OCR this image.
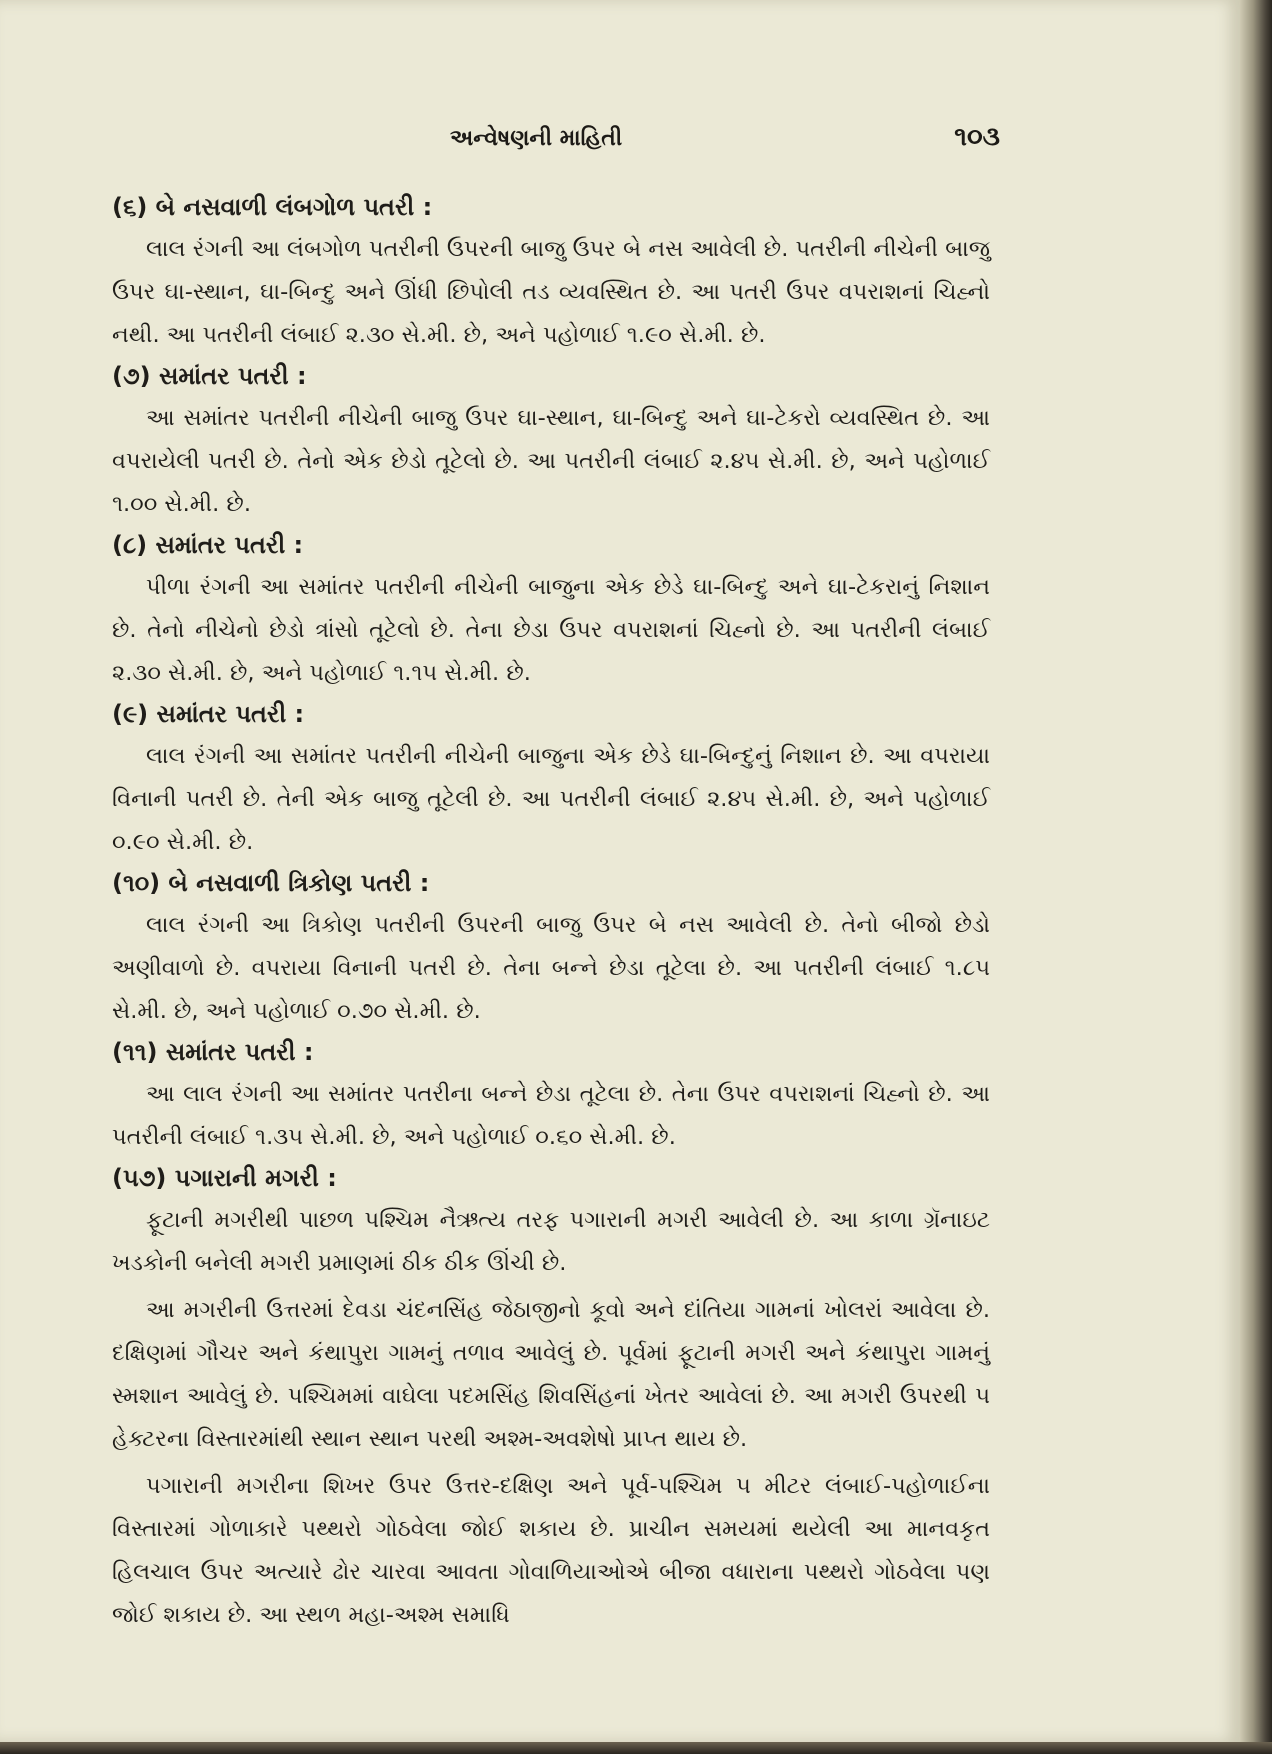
અન્વેષણની માહિતી	૧૦૩
(૬) બે નસવાળી લંબગોળ પતરી :

લાલ રંગની આ લંબગોળ પતરીની ઉપરની બાજુ ઉપર બે નસ આવેલી છે. પતરીની નીચેની બાજુ ઉપર ઘા-સ્થાન, ઘા-બિન્દુ અને ઊંધી છિપોલી તડ વ્યવસ્થિત છે. આ પતરી ઉપર વપરાશનાં ચિહ્નો નથી. આ પતરીની લંબાઈ ૨.૩૦ સે.મી. છે, અને પહોળાઈ ૧.૯૦ સે.મી. છે.

(૭) સમાંતર પતરી :

આ સમાંતર પતરીની નીચેની બાજુ ઉપર ઘા-સ્થાન, ઘા-બિન્દુ અને ઘા-ટેકરો વ્યવસ્થિત છે. આ વપરાયેલી પતરી છે. તેનો એક છેડો તૂટેલો છે. આ પતરીની લંબાઈ ૨.૪૫ સે.મી. છે, અને પહોળાઈ ૧.૦૦ સે.મી. છે.

(૮) સમાંતર પતરી :

પીળા રંગની આ સમાંતર પતરીની નીચેની બાજુના એક છેડે ઘા-બિન્દુ અને ઘા-ટેકરાનું નિશાન છે. તેનો નીચેનો છેડો ત્રાંસો તૂટેલો છે. તેના છેડા ઉપર વપરાશનાં ચિહ્નો છે. આ પતરીની લંબાઈ ૨.૩૦ સે.મી. છે, અને પહોળાઈ ૧.૧૫ સે.મી. છે.

(૯) સમાંતર પતરી :

લાલ રંગની આ સમાંતર પતરીની નીચેની બાજુના એક છેડે ઘા-બિન્દુનું નિશાન છે. આ વપરાયા વિનાની પતરી છે. તેની એક બાજુ તૂટેલી છે. આ પતરીની લંબાઈ ૨.૪૫ સે.મી. છે, અને પહોળાઈ ૦.૯૦ સે.મી. છે.

(૧૦) બે નસવાળી ત્રિકોણ પતરી :

લાલ રંગની આ ત્રિકોણ પતરીની ઉપરની બાજુ ઉપર બે નસ આવેલી છે. તેનો બીજો છેડો અણીવાળો છે. વપરાયા વિનાની પતરી છે. તેના બન્ને છેડા તૂટેલા છે. આ પતરીની લંબાઈ ૧.૮૫ સે.મી. છે, અને પહોળાઈ ૦.૭૦ સે.મી. છે.

(૧૧) સમાંતર પતરી :

આ લાલ રંગની આ સમાંતર પતરીના બન્ને છેડા તૂટેલા છે. તેના ઉપર વપરાશનાં ચિહ્નો છે. આ પતરીની લંબાઈ ૧.૩૫ સે.મી. છે, અને પહોળાઈ ૦.૬૦ સે.મી. છે.

(૫૭) પગારાની મગરી :

ફૂટાની મગરીથી પાછળ પશ્ચિમ નૈઋત્ય તરફ પગારાની મગરી આવેલી છે. આ કાળા ગ્રૅનાઇટ ખડકોની બનેલી મગરી પ્રમાણમાં ઠીક ઠીક ઊંચી છે.

આ મગરીની ઉત્તરમાં દેવડા ચંદનસિંહ જેઠાજીનો કૂવો અને દાંતિયા ગામનાં ખોલરાં આવેલા છે. દક્ષિણમાં ગૌચર અને કંથાપુરા ગામનું તળાવ આવેલું છે. પૂર્વમાં ફૂટાની મગરી અને કંથાપુરા ગામનું સ્મશાન આવેલું છે. પશ્ચિમમાં વાઘેલા પદમસિંહ શિવસિંહનાં ખેતર આવેલાં છે. આ મગરી ઉપરથી ૫ હેક્ટરના વિસ્તારમાંથી સ્થાન સ્થાન પરથી અશ્મ-અવશેષો પ્રાપ્ત થાય છે.

પગારાની મગરીના શિખર ઉપર ઉત્તર-દક્ષિણ અને પૂર્વ-પશ્ચિમ ૫ મીટર લંબાઈ-પહોળાઈના વિસ્તારમાં ગોળાકારે પથ્થરો ગોઠવેલા જોઈ શકાય છે. પ્રાચીન સમયમાં થયેલી આ માનવકૃત હિલચાલ ઉપર અત્યારે ઢોર ચારવા આવતા ગોવાળિયાઓએ બીજા વધારાના પથ્થરો ગોઠવેલા પણ જોઈ શકાય છે. આ સ્થળ મહા-અશ્મ સમાધિ
